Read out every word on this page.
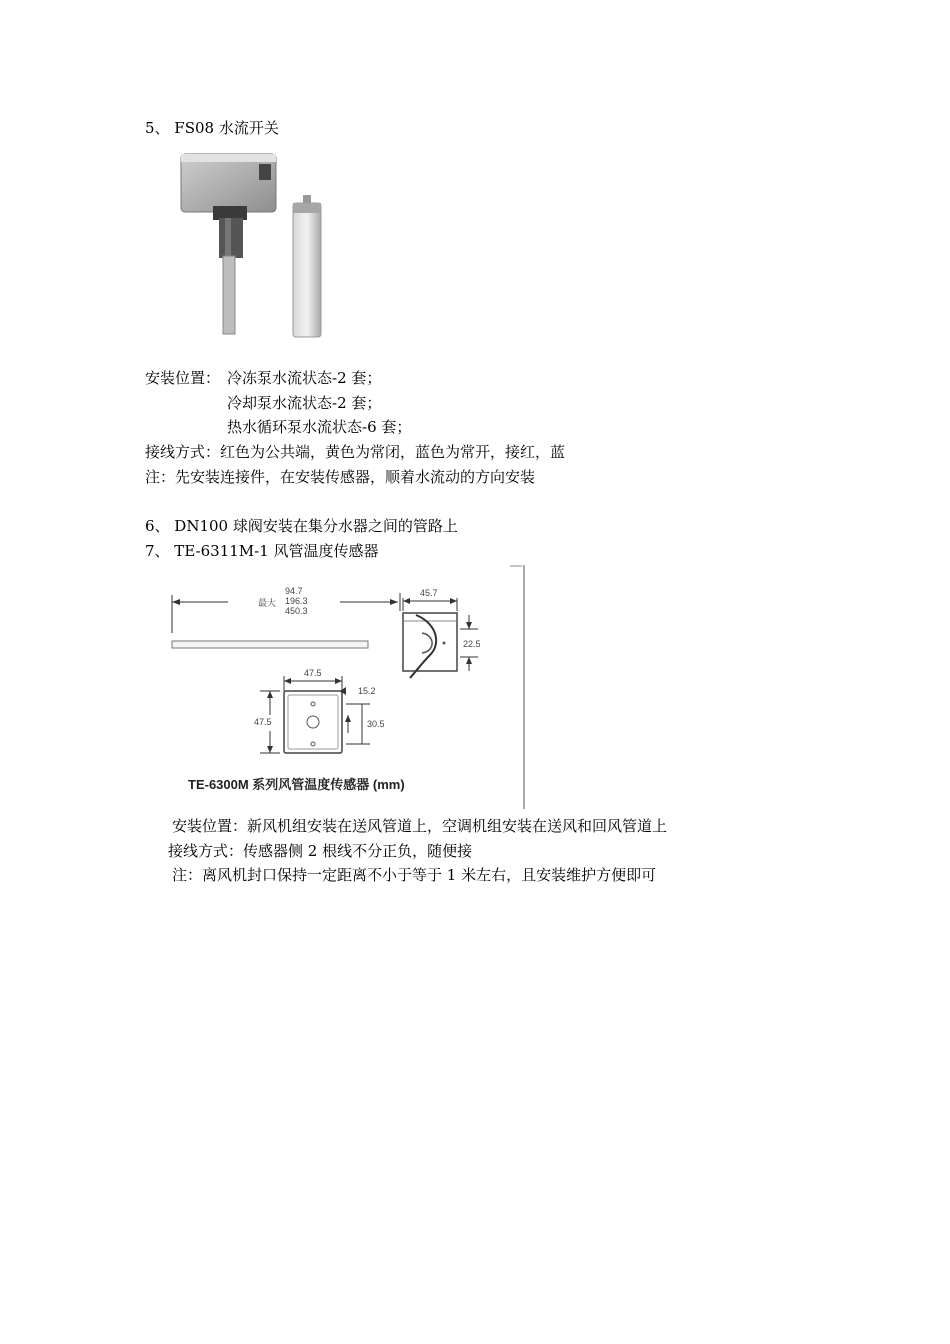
5、 FS08 水流开关
安装位置： 冷冻泵水流状态-2 套；
冷却泵水流状态-2 套；
热水循环泵水流状态-6 套；
接线方式：红色为公共端，黄色为常闭，蓝色为常开，接红，蓝
注：先安装连接件，在安装传感器，顺着水流动的方向安装
6、 DN100 球阀安装在集分水器之间的管路上
7、 TE-6311M-1 风管温度传感器
最大
94.7
196.3
450.3
45.7
22.5
47.5
47.5
15.2
30.5
TE-6300M 系列风管温度传感器 (mm)
安装位置：新风机组安装在送风管道上，空调机组安装在送风和回风管道上
接线方式：传感器侧 2 根线不分正负，随便接
注：离风机封口保持一定距离不小于等于 1 米左右，且安装维护方便即可
